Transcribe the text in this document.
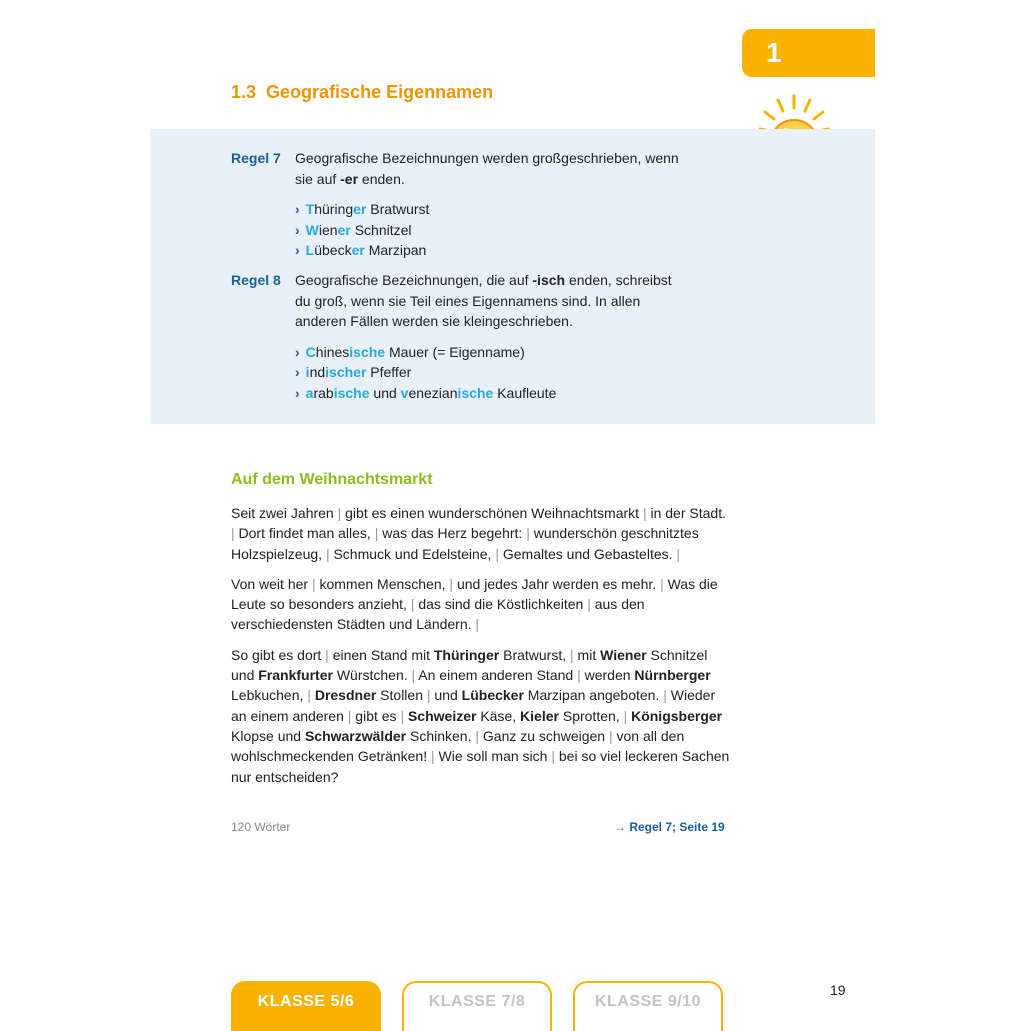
1
1.3 Geografische Eigennamen
Regel 7 Geografische Bezeichnungen werden großgeschrieben, wenn sie auf -er enden.
› Thüringer Bratwurst
› Wiener Schnitzel
› Lübecker Marzipan
Regel 8 Geografische Bezeichnungen, die auf -isch enden, schreibst du groß, wenn sie Teil eines Eigennamens sind. In allen anderen Fällen werden sie kleingeschrieben.
› Chinesische Mauer (= Eigenname)
› indischer Pfeffer
› arabische und venezianische Kaufleute
Auf dem Weihnachtsmarkt

Seit zwei Jahren | gibt es einen wunderschönen Weihnachtsmarkt | in der Stadt. | Dort findet man alles, | was das Herz begehrt: | wunderschön geschnitztes Holzspielzeug, | Schmuck und Edelsteine, | Gemaltes und Gebasteltes. |

Von weit her | kommen Menschen, | und jedes Jahr werden es mehr. | Was die Leute so besonders anzieht, | das sind die Köstlichkeiten | aus den verschiedensten Städten und Ländern. |

So gibt es dort | einen Stand mit Thüringer Bratwurst, | mit Wiener Schnitzel und Frankfurter Würstchen. | An einem anderen Stand | werden Nürnberger Lebkuchen, | Dresdner Stollen | und Lübecker Marzipan angeboten. | Wieder an einem anderen | gibt es | Schweizer Käse, Kieler Sprotten, | Königsberger Klopse und Schwarzwälder Schinken. | Ganz zu schweigen | von all den wohlschmeckenden Getränken! | Wie soll man sich | bei so viel leckeren Sachen nur entscheiden?

120 Wörter	→ Regel 7; Seite 19
19
KLASSE 5/6	KLASSE 7/8	KLASSE 9/10
